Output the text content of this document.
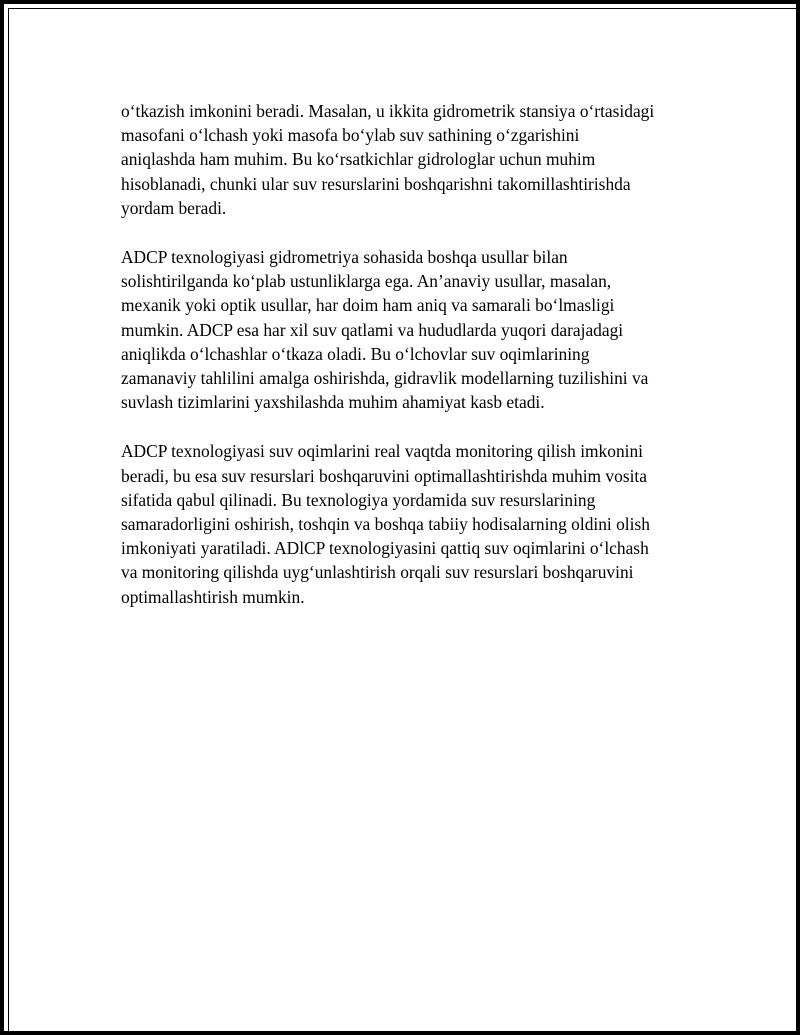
o‘tkazish imkonini beradi. Masalan, u ikkita gidrometrik stansiya o‘rtasidagi
masofani o‘lchash yoki masofa bo‘ylab suv sathining o‘zgarishini
aniqlashda ham muhim. Bu ko‘rsatkichlar gidrologlar uchun muhim
hisoblanadi, chunki ular suv resurslarini boshqarishni takomillashtirishda
yordam beradi.

ADCP texnologiyasi gidrometriya sohasida boshqa usullar bilan
solishtirilganda ko‘plab ustunliklarga ega. An’anaviy usullar, masalan,
mexanik yoki optik usullar, har doim ham aniq va samarali bo‘lmasligi
mumkin. ADCP esa har xil suv qatlami va hududlarda yuqori darajadagi
aniqlikda o‘lchashlar o‘tkaza oladi. Bu o‘lchovlar suv oqimlarining
zamanaviy tahlilini amalga oshirishda, gidravlik modellarning tuzilishini va
suvlash tizimlarini yaxshilashda muhim ahamiyat kasb etadi.

ADCP texnologiyasi suv oqimlarini real vaqtda monitoring qilish imkonini
beradi, bu esa suv resurslari boshqaruvini optimallashtirishda muhim vosita
sifatida qabul qilinadi. Bu texnologiya yordamida suv resurslarining
samaradorligini oshirish, toshqin va boshqa tabiiy hodisalarning oldini olish
imkoniyati yaratiladi. ADlCP texnologiyasini qattiq suv oqimlarini o‘lchash
va monitoring qilishda uyg‘unlashtirish orqali suv resurslari boshqaruvini
optimallashtirish mumkin.
